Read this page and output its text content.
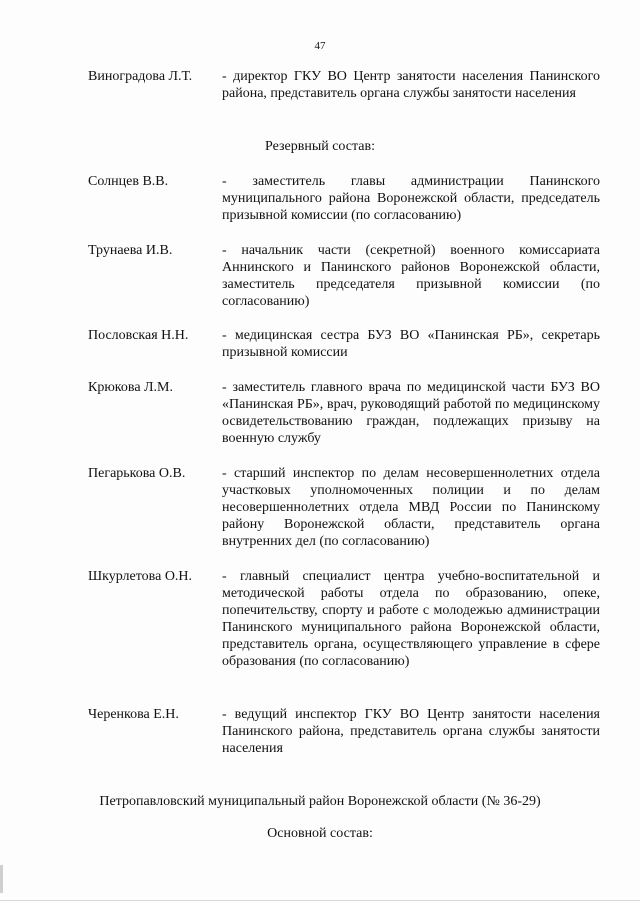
47
Виноградова Л.Т.	- директор ГКУ ВО Центр занятости населения Панинского района, представитель органа службы занятости населения
Резервный состав:
Солнцев В.В.	- заместитель главы администрации Панинского муниципального района Воронежской области, председатель призывной комиссии (по согласованию)
Трунаева И.В.	- начальник части (секретной) военного комиссариата Аннинского и Панинского районов Воронежской области, заместитель председателя призывной комиссии (по согласованию)
Пословская Н.Н.	- медицинская сестра БУЗ ВО «Панинская РБ», секретарь призывной комиссии
Крюкова Л.М.	- заместитель главного врача по медицинской части БУЗ ВО «Панинская РБ», врач, руководящий работой по медицинскому освидетельствованию граждан, подлежащих призыву на военную службу
Пегарькова О.В.	- старший инспектор по делам несовершеннолетних отдела участковых уполномоченных полиции и по делам несовершеннолетних отдела МВД России по Панинскому району Воронежской области, представитель органа внутренних дел (по согласованию)
Шкурлетова О.Н.	- главный специалист центра учебно-воспитательной и методической работы отдела по образованию, опеке, попечительству, спорту и работе с молодежью администрации Панинского муниципального района Воронежской области, представитель органа, осуществляющего управление в сфере образования (по согласованию)
Черенкова Е.Н.	- ведущий инспектор ГКУ ВО Центр занятости населения Панинского района, представитель органа службы занятости населения
Петропавловский муниципальный район Воронежской области (№ 36-29)
Основной состав:
